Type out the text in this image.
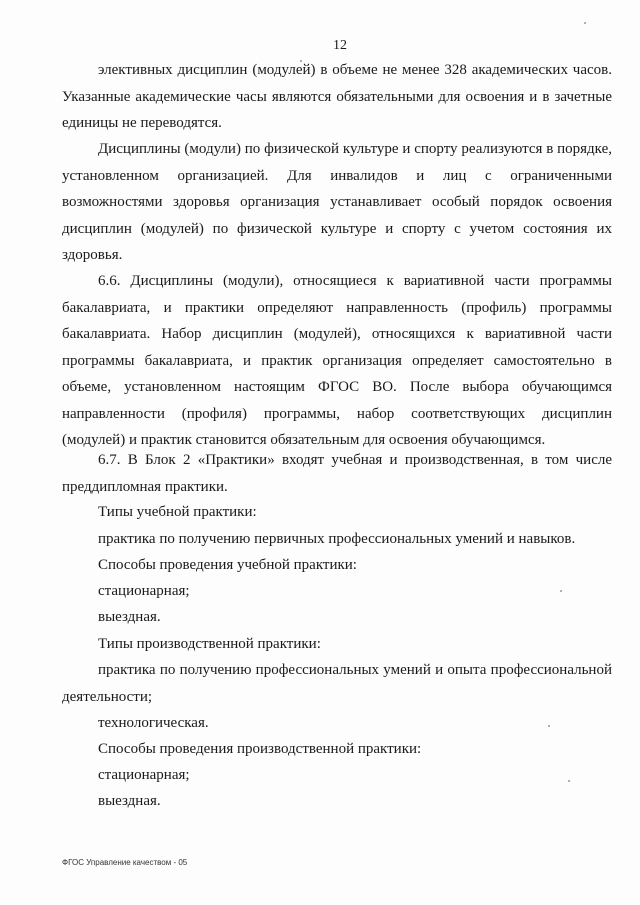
12

элективных дисциплин (модулей) в объеме не менее 328 академических часов. Указанные академические часы являются обязательными для освоения и в зачетные единицы не переводятся.

Дисциплины (модули) по физической культуре и спорту реализуются в порядке, установленном организацией. Для инвалидов и лиц с ограниченными возможностями здоровья организация устанавливает особый порядок освоения дисциплин (модулей) по физической культуре и спорту с учетом состояния их здоровья.

6.6. Дисциплины (модули), относящиеся к вариативной части программы бакалавриата, и практики определяют направленность (профиль) программы бакалавриата. Набор дисциплин (модулей), относящихся к вариативной части программы бакалавриата, и практик организация определяет самостоятельно в объеме, установленном настоящим ФГОС ВО. После выбора обучающимся направленности (профиля) программы, набор соответствующих дисциплин (модулей) и практик становится обязательным для освоения обучающимся.

6.7. В Блок 2 «Практики» входят учебная и производственная, в том числе преддипломная практики.

Типы учебной практики:
практика по получению первичных профессиональных умений и навыков.
Способы проведения учебной практики:
стационарная;
выездная.
Типы производственной практики:

практика по получению профессиональных умений и опыта профессиональной деятельности;

технологическая.
Способы проведения производственной практики:
стационарная;
выездная.
ФГОС Управление качеством - 05
